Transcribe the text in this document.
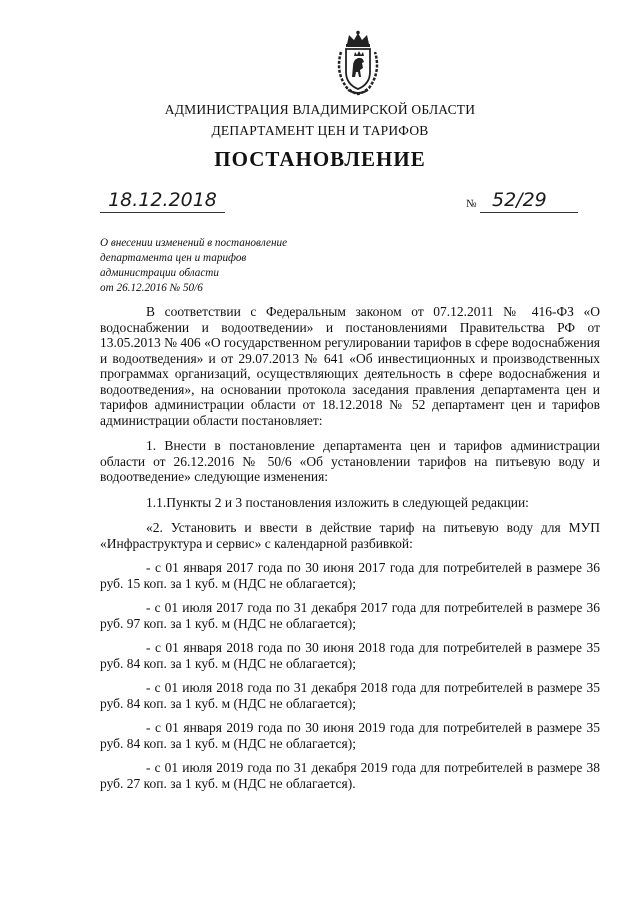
АДМИНИСТРАЦИЯ ВЛАДИМИРСКОЙ ОБЛАСТИ
ДЕПАРТАМЕНТ ЦЕН И ТАРИФОВ
ПОСТАНОВЛЕНИЕ
18.12.2018	№ 52/29
О внесении изменений в постановление
департамента цен и тарифов
администрации области
от 26.12.2016 № 50/6

В соответствии с Федеральным законом от 07.12.2011 № 416-ФЗ «О водоснабжении и водоотведении» и постановлениями Правительства РФ от 13.05.2013 № 406 «О государственном регулировании тарифов в сфере водоснабжения и водоотведения» и от 29.07.2013 № 641 «Об инвестиционных и производственных программах организаций, осуществляющих деятельность в сфере водоснабжения и водоотведения», на основании протокола заседания правления департамента цен и тарифов администрации области от 18.12.2018 № 52 департамент цен и тарифов администрации области постановляет:

1. Внести в постановление департамента цен и тарифов администрации области от 26.12.2016 № 50/6 «Об установлении тарифов на питьевую воду и водоотведение» следующие изменения:

1.1.Пункты 2 и 3 постановления изложить в следующей редакции:

«2. Установить и ввести в действие тариф на питьевую воду для МУП «Инфраструктура и сервис» с календарной разбивкой:

- с 01 января 2017 года по 30 июня 2017 года для потребителей в размере 36 руб. 15 коп. за 1 куб. м (НДС не облагается);

- с 01 июля 2017 года по 31 декабря 2017 года для потребителей в размере 36 руб. 97 коп. за 1 куб. м (НДС не облагается);

- с 01 января 2018 года по 30 июня 2018 года для потребителей в размере 35 руб. 84 коп. за 1 куб. м (НДС не облагается);

- с 01 июля 2018 года по 31 декабря 2018 года для потребителей в размере 35 руб. 84 коп. за 1 куб. м (НДС не облагается);

- с 01 января 2019 года по 30 июня 2019 года для потребителей в размере 35 руб. 84 коп. за 1 куб. м (НДС не облагается);

- с 01 июля 2019 года по 31 декабря 2019 года для потребителей в размере 38 руб. 27 коп. за 1 куб. м (НДС не облагается).
